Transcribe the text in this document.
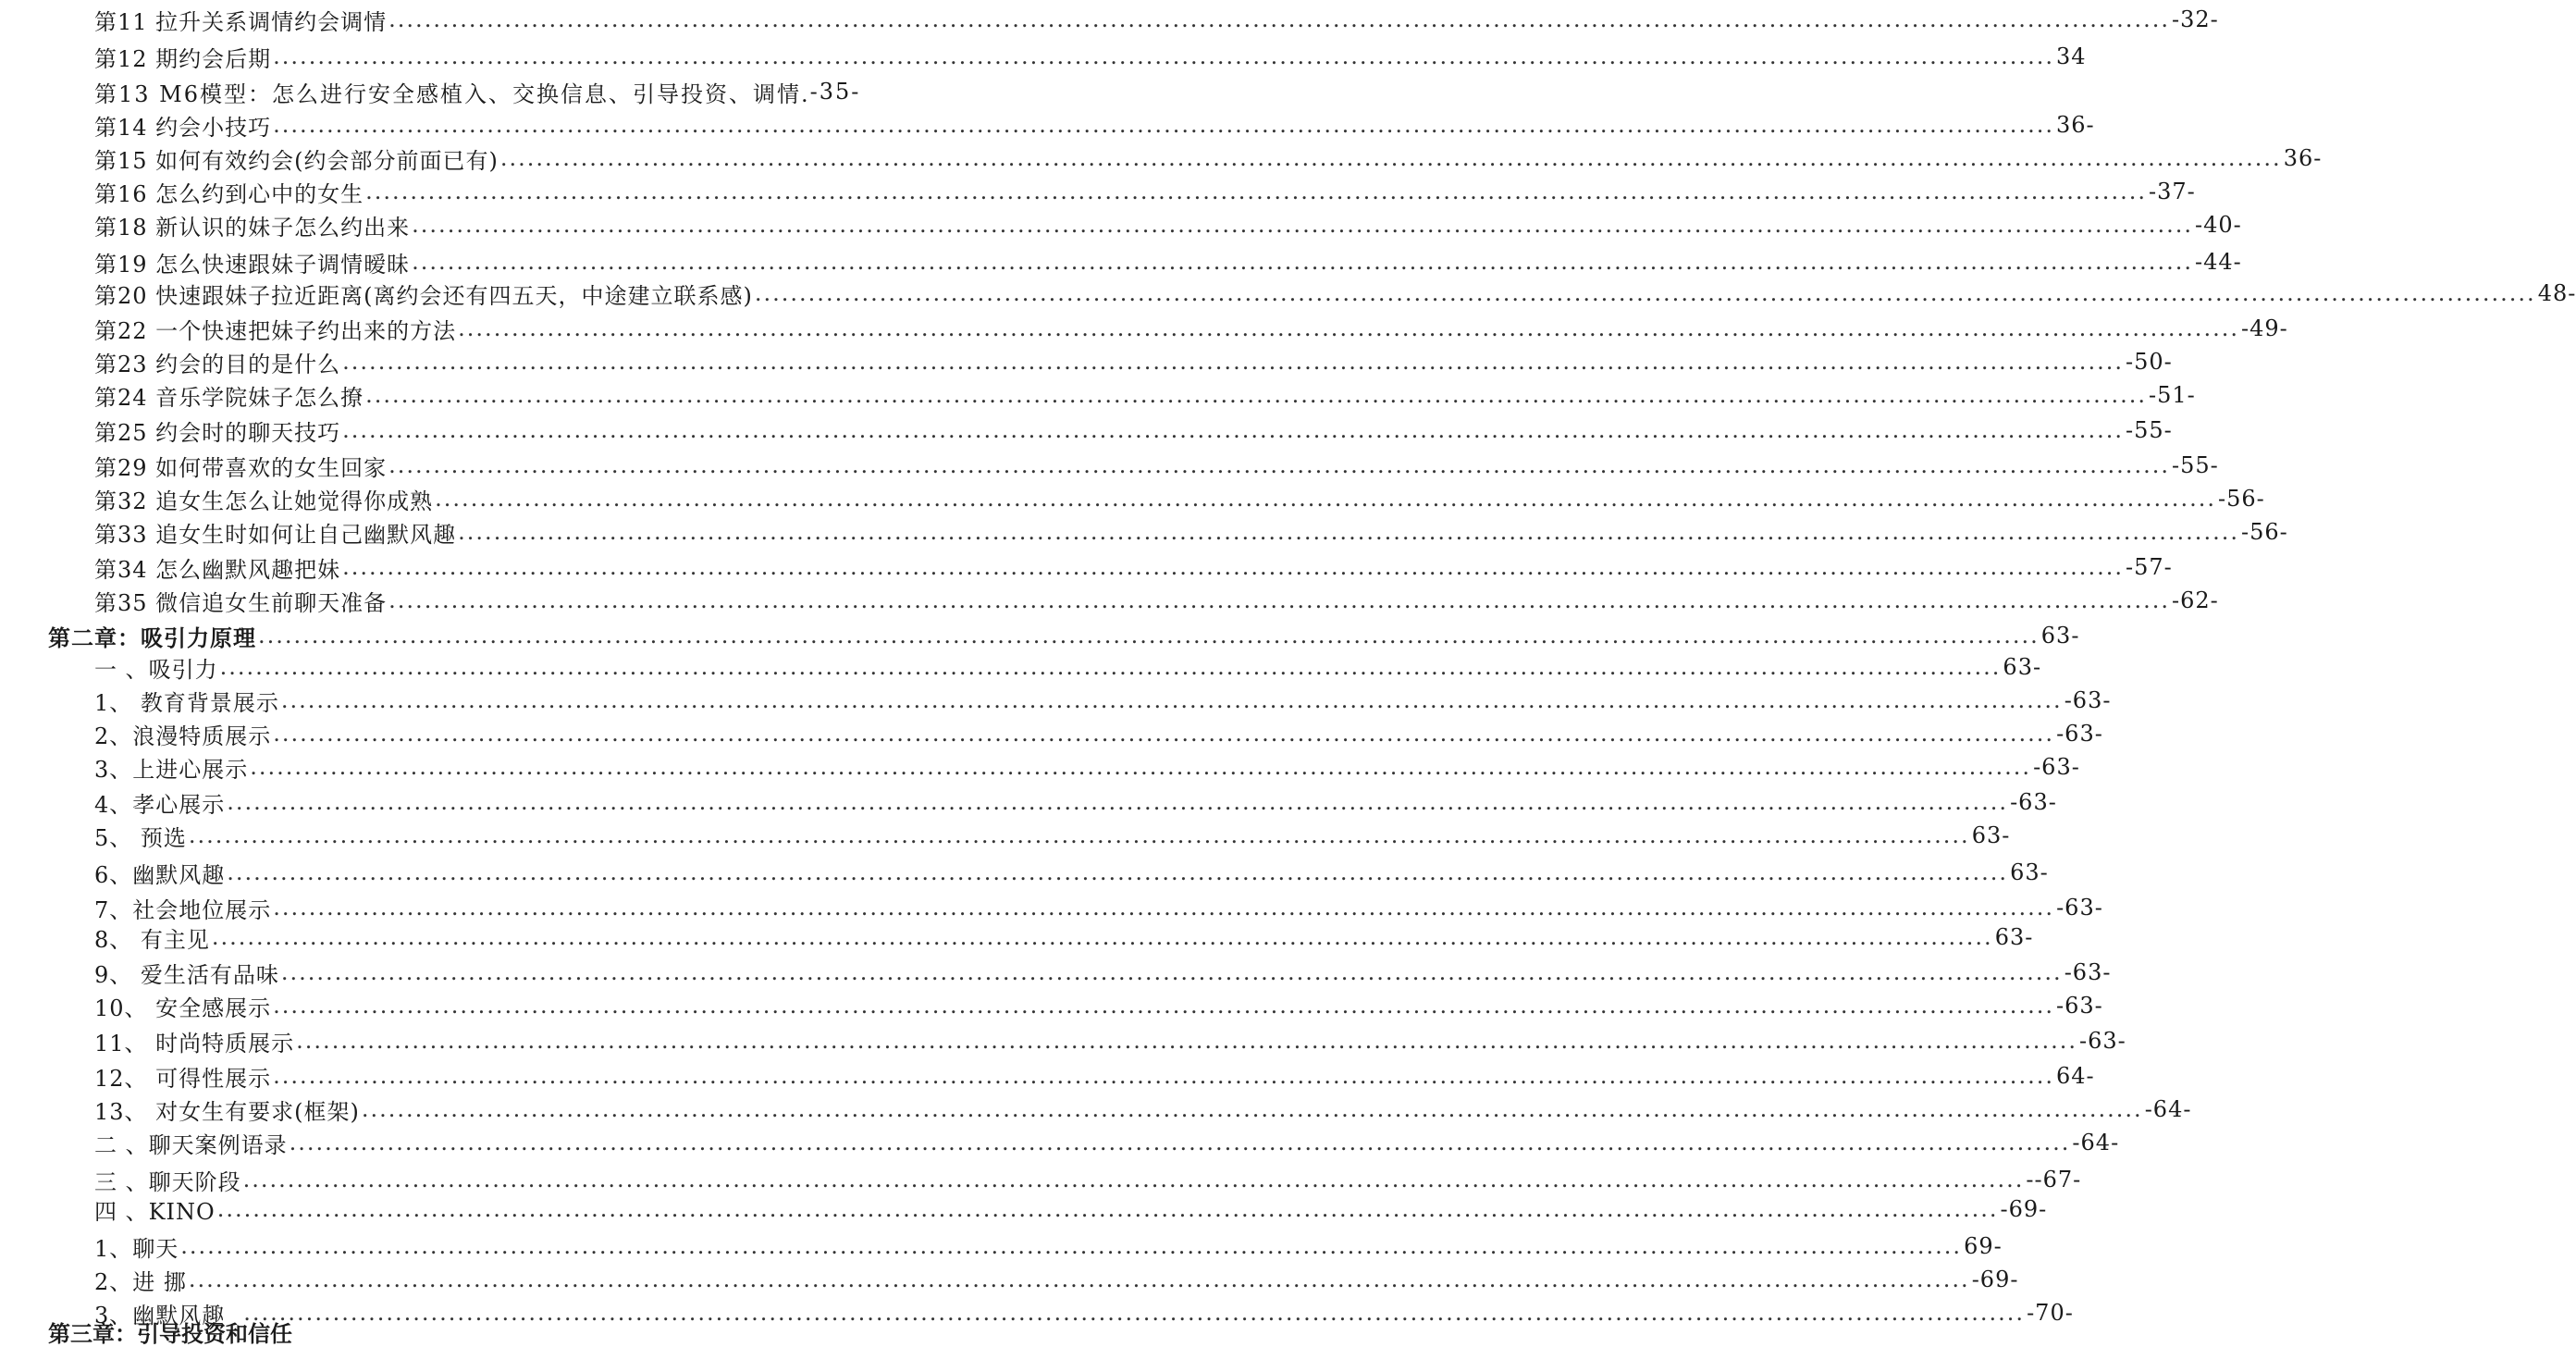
第11 拉升关系调情约会调情 .....	-32-
第12 期约会后期 .....	34
第13 M6模型：怎么进行安全感植入、交换信息、引导投资、调情. -35-
第14 约会小技巧 .....	36-
第15 如何有效约会(约会部分前面已有) .....	36-
第16 怎么约到心中的女生 .....	-37-
第18 新认识的妹子怎么约出来 .....	-40-
第19 怎么快速跟妹子调情暧昧 .....	-44-
第20 快速跟妹子拉近距离(离约会还有四五天，中途建立联系感) .....	48-
第22 一个快速把妹子约出来的方法 .....	-49-
第23 约会的目的是什么 .....	-50-
第24 音乐学院妹子怎么撩 .....	-51-
第25 约会时的聊天技巧 .....	-55-
第29 如何带喜欢的女生回家 .....	-55-
第32 追女生怎么让她觉得你成熟 .....	-56-
第33 追女生时如何让自己幽默风趣 .....	-56-
第34 怎么幽默风趣把妹 .....	-57-
第35 微信追女生前聊天准备 .....	-62-
第二章：吸引力原理 .....	63-
一 、吸引力 .....	63-
1、 教育背景展示 .....	-63-
2、浪漫特质展示 .....	-63-
3、上进心展示 .....	-63-
4、孝心展示 .....	-63-
5、 预选 .....	63-
6、幽默风趣 .....	63-
7、社会地位展示 .....	-63-
8、 有主见 .....	63-
9、 爱生活有品味 .....	-63-
10、 安全感展示 .....	-63-
11、 时尚特质展示 .....	-63-
12、 可得性展示 .....	64-
13、 对女生有要求(框架) .....	-64-
二 、聊天案例语录 .....	-64-
三 、聊天阶段 .....	--67-
四 、KINO .....	-69-
1、聊天 .....	69-
2、进 挪 .....	-69-
3、幽默风趣 .....	-70-
第三章：引导投资和信任
